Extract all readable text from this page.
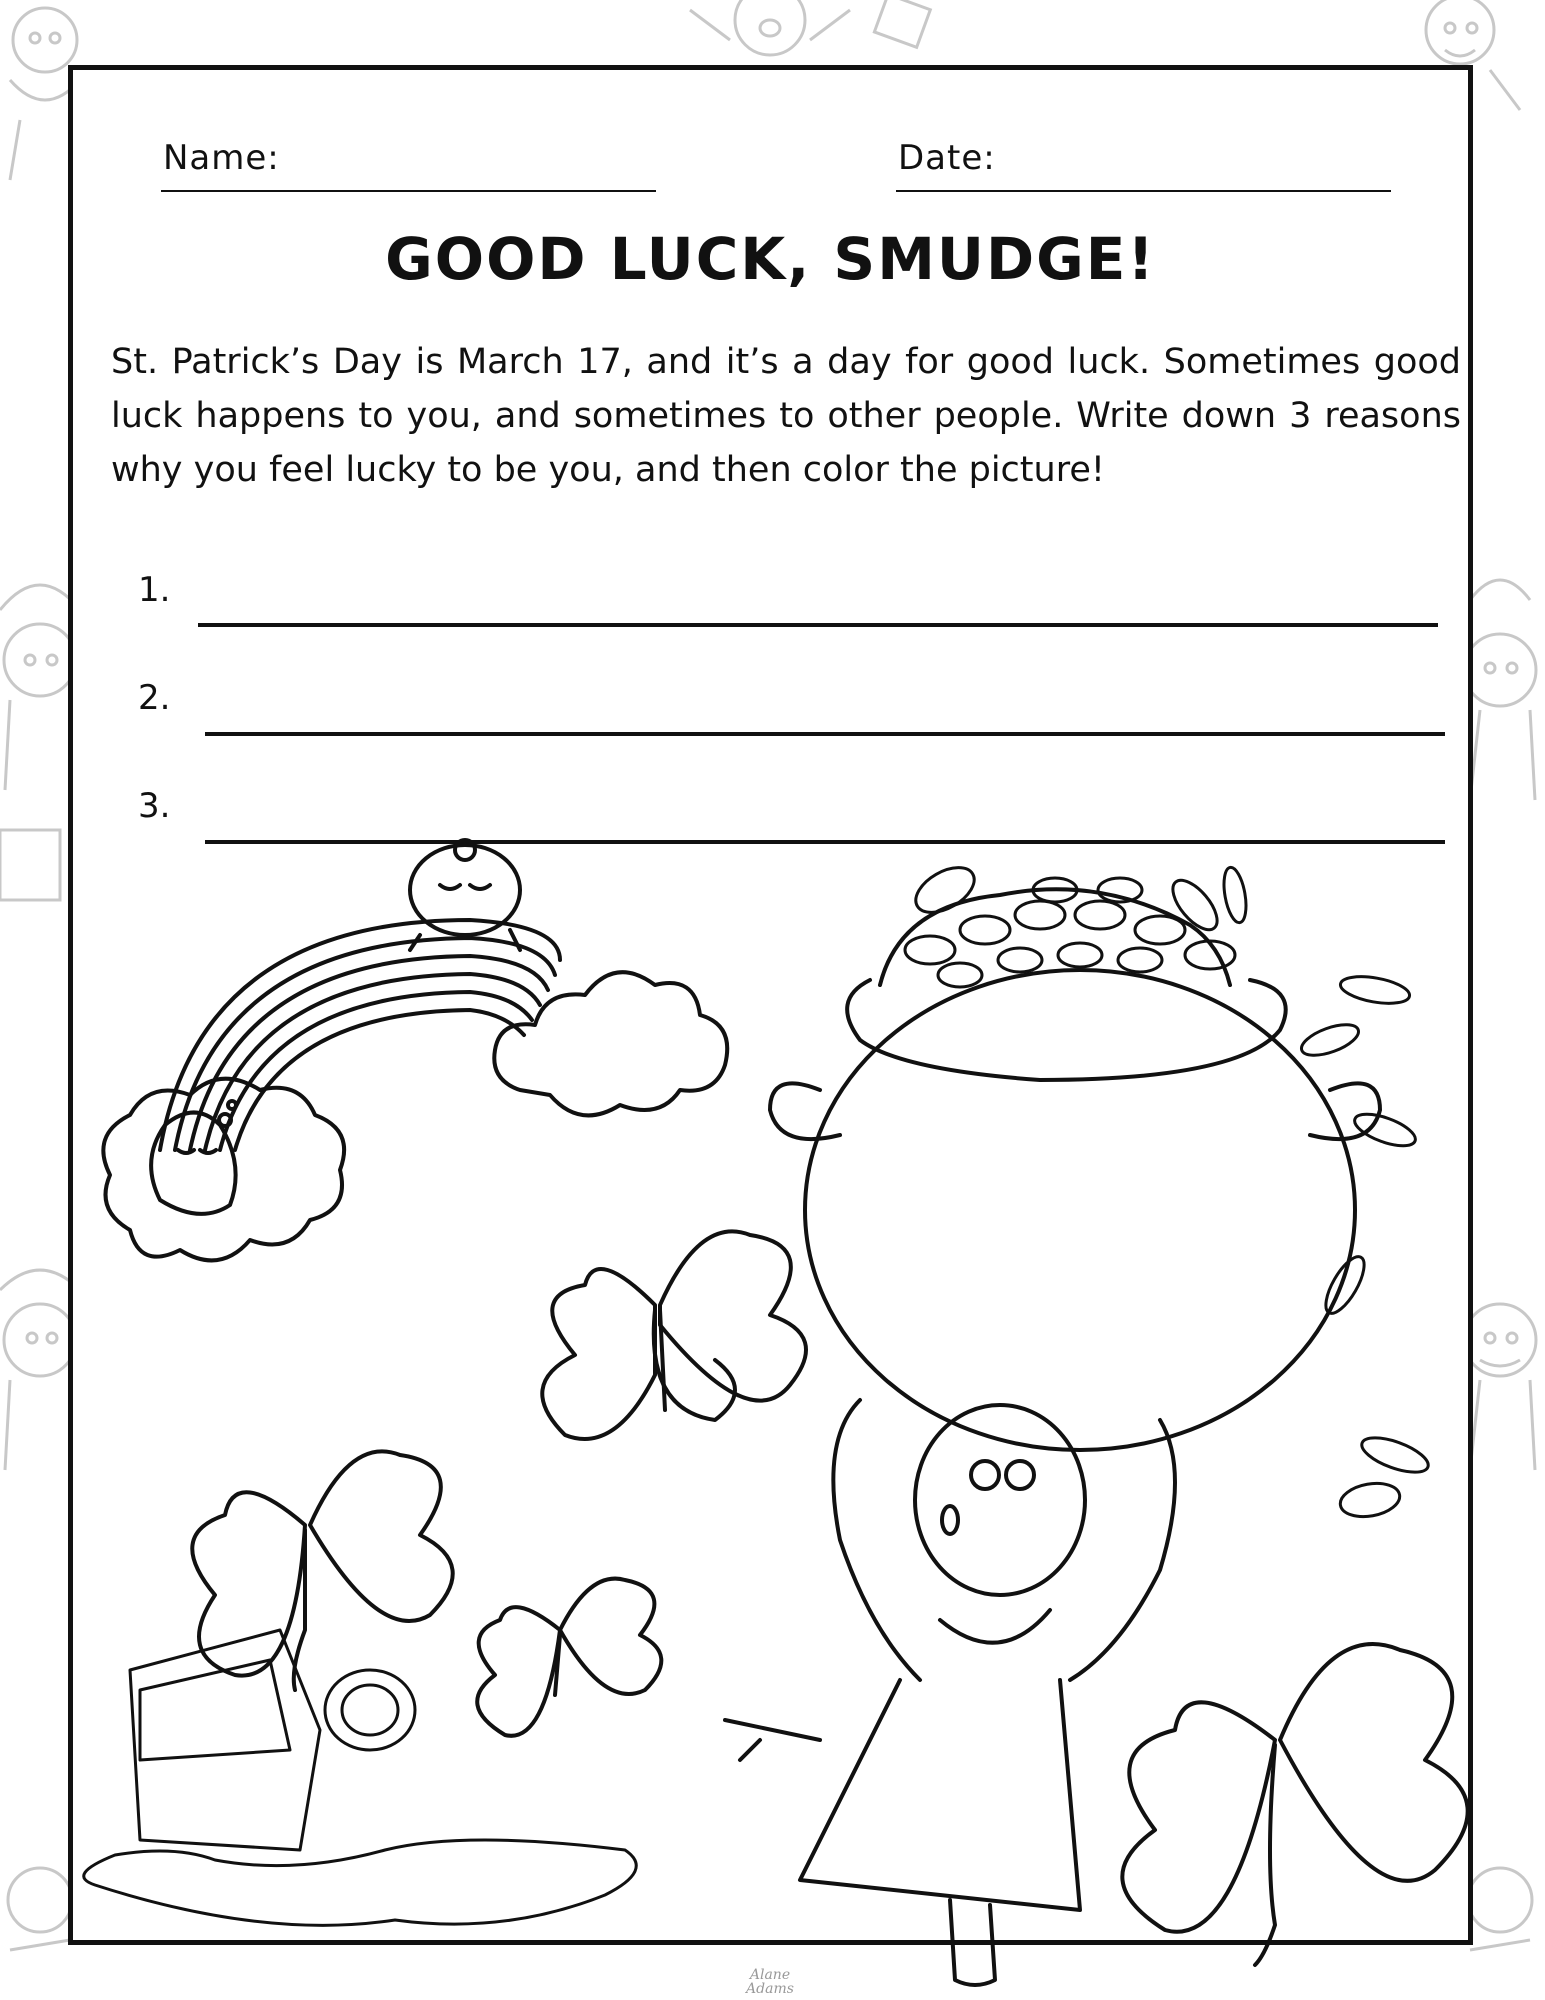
Name:	Date:
GOOD LUCK, SMUDGE!
St. Patrick’s Day is March 17, and it’s a day for good luck. Sometimes good luck happens to you, and sometimes to other people. Write down 3 reasons why you feel lucky to be you, and then color the picture!
1.
2.
3.
Alane Adams
